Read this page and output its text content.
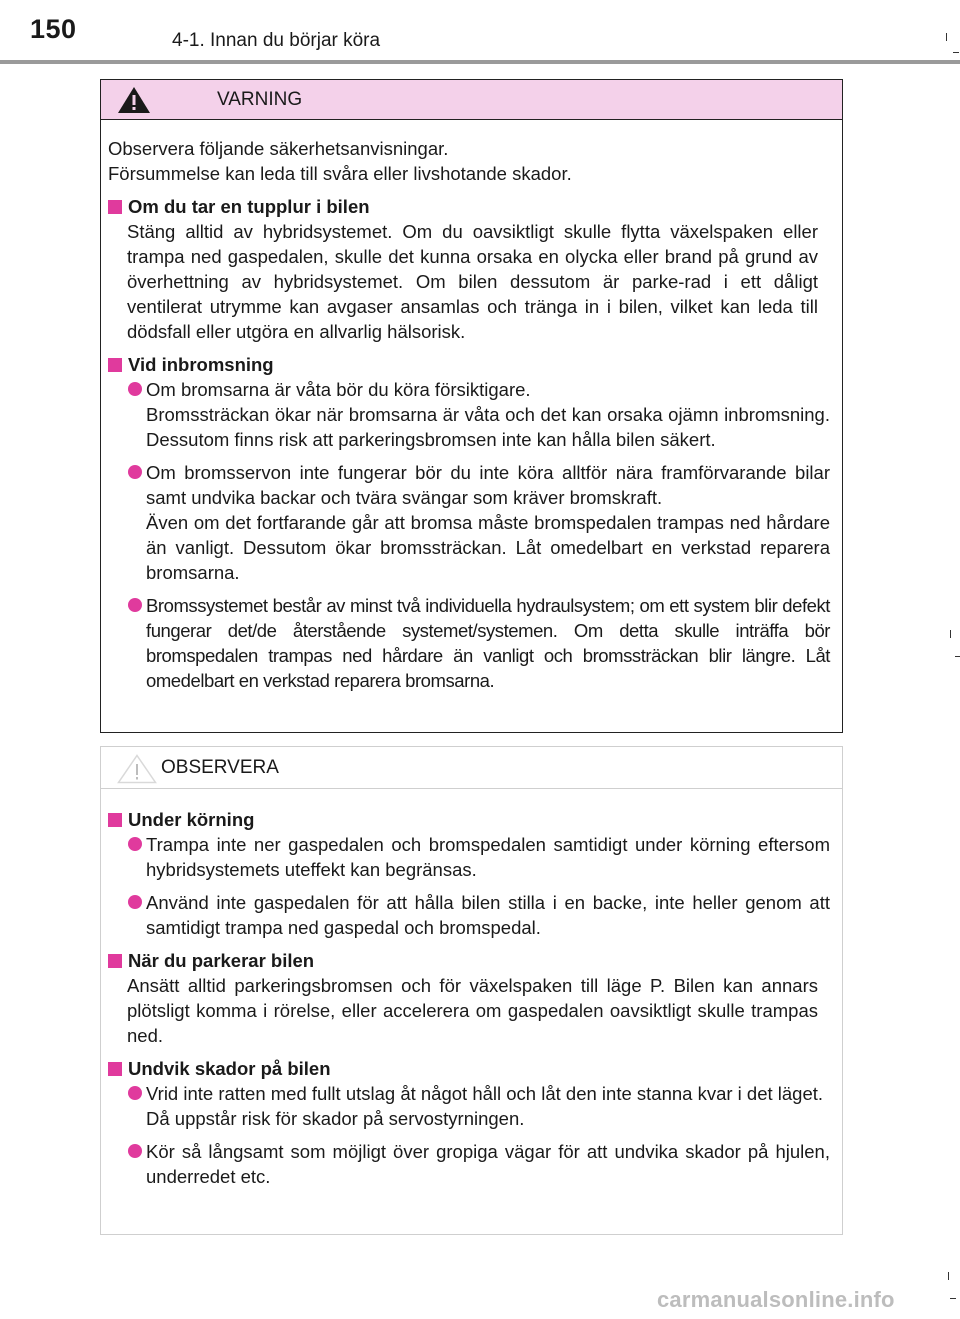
150	4-1. Innan du börjar köra
VARNING

Observera följande säkerhetsanvisningar.
Försummelse kan leda till svåra eller livshotande skador.

Om du tar en tupplur i bilen

Stäng alltid av hybridsystemet. Om du oavsiktligt skulle flytta växelspaken eller trampa ned gaspedalen, skulle det kunna orsaka en olycka eller brand på grund av överhettning av hybridsystemet. Om bilen dessutom är parke-rad i ett dåligt ventilerat utrymme kan avgaser ansamlas och tränga in i bilen, vilket kan leda till dödsfall eller utgöra en allvarlig hälsorisk.

Vid inbromsning
Om bromsarna är våta bör du köra försiktigare.
Bromssträckan ökar när bromsarna är våta och det kan orsaka ojämn inbromsning. Dessutom finns risk att parkeringsbromsen inte kan hålla bilen säkert.
Om bromsservon inte fungerar bör du inte köra alltför nära framförvarande bilar samt undvika backar och tvära svängar som kräver bromskraft.
Även om det fortfarande går att bromsa måste bromspedalen trampas ned hårdare än vanligt. Dessutom ökar bromssträckan. Låt omedelbart en verkstad reparera bromsarna.
Bromssystemet består av minst två individuella hydraulsystem; om ett system blir defekt fungerar det/de återstående systemet/systemen. Om detta skulle inträffa bör bromspedalen trampas ned hårdare än vanligt och bromssträckan blir längre. Låt omedelbart en verkstad reparera bromsarna.
OBSERVERA
Under körning
Trampa inte ner gaspedalen och bromspedalen samtidigt under körning eftersom hybridsystemets uteffekt kan begränsas.
Använd inte gaspedalen för att hålla bilen stilla i en backe, inte heller genom att samtidigt trampa ned gaspedal och bromspedal.
När du parkerar bilen

Ansätt alltid parkeringsbromsen och för växelspaken till läge P. Bilen kan annars plötsligt komma i rörelse, eller accelerera om gaspedalen oavsiktligt skulle trampas ned.

Undvik skador på bilen
Vrid inte ratten med fullt utslag åt något håll och låt den inte stanna kvar i det läget.
Då uppstår risk för skador på servostyrningen.
Kör så långsamt som möjligt över gropiga vägar för att undvika skador på hjulen, underredet etc.
carmanualsonline.info
